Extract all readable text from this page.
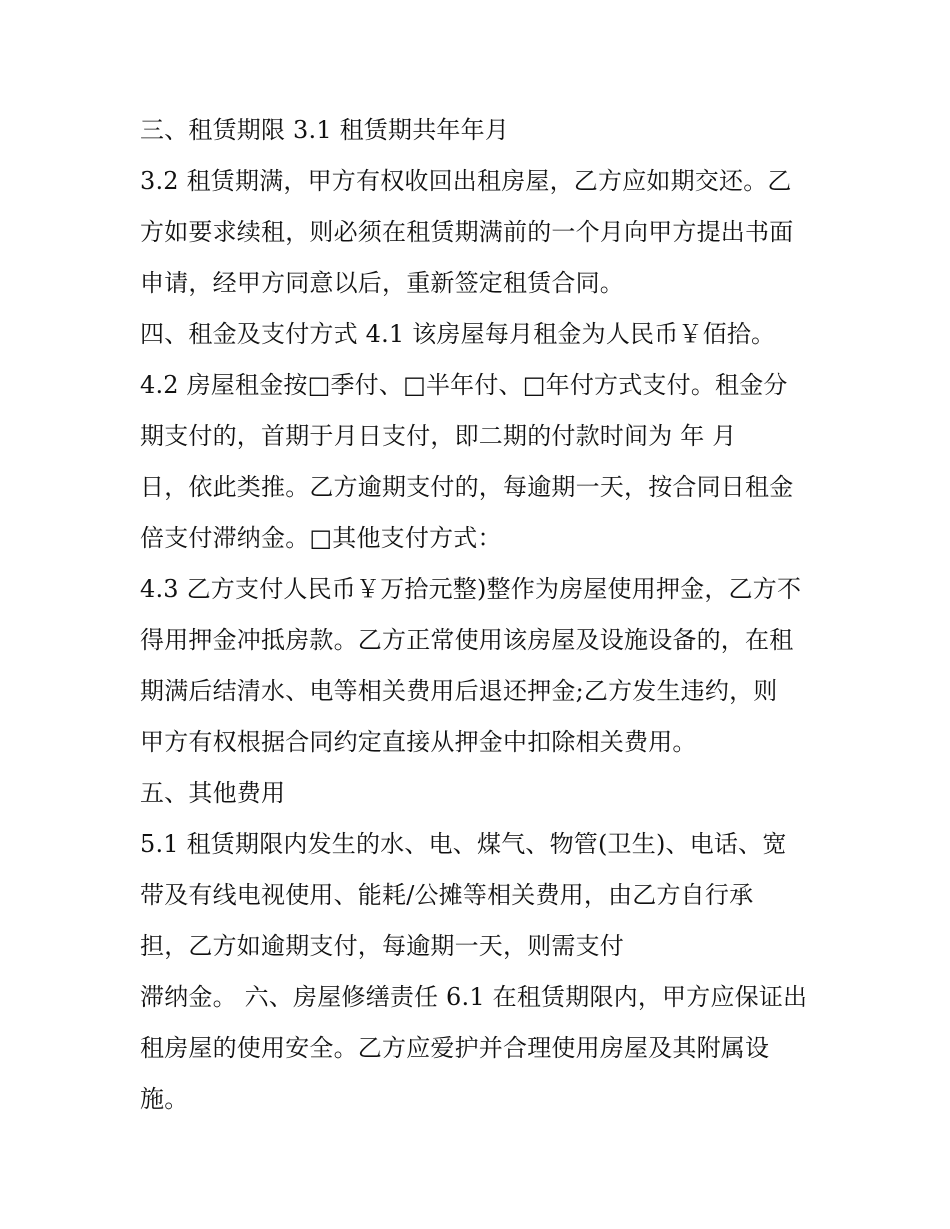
三、租赁期限 3.1 租赁期共年年月
3.2 租赁期满，甲方有权收回出租房屋，乙方应如期交还。乙
方如要求续租，则必须在租赁期满前的一个月向甲方提出书面
申请，经甲方同意以后，重新签定租赁合同。
四、租金及支付方式 4.1 该房屋每月租金为人民币￥佰拾。
4.2 房屋租金按□季付、□半年付、□年付方式支付。租金分
期支付的，首期于月日支付，即二期的付款时间为 年 月
日，依此类推。乙方逾期支付的，每逾期一天，按合同日租金
倍支付滞纳金。□其他支付方式：
4.3 乙方支付人民币￥万拾元整)整作为房屋使用押金，乙方不
得用押金冲抵房款。乙方正常使用该房屋及设施设备的，在租
期满后结清水、电等相关费用后退还押金;乙方发生违约，则
甲方有权根据合同约定直接从押金中扣除相关费用。
五、其他费用
5.1 租赁期限内发生的水、电、煤气、物管(卫生)、电话、宽
带及有线电视使用、能耗/公摊等相关费用，由乙方自行承
担，乙方如逾期支付，每逾期一天，则需支付
滞纳金。 六、房屋修缮责任 6.1 在租赁期限内，甲方应保证出
租房屋的使用安全。乙方应爱护并合理使用房屋及其附属设
施。
